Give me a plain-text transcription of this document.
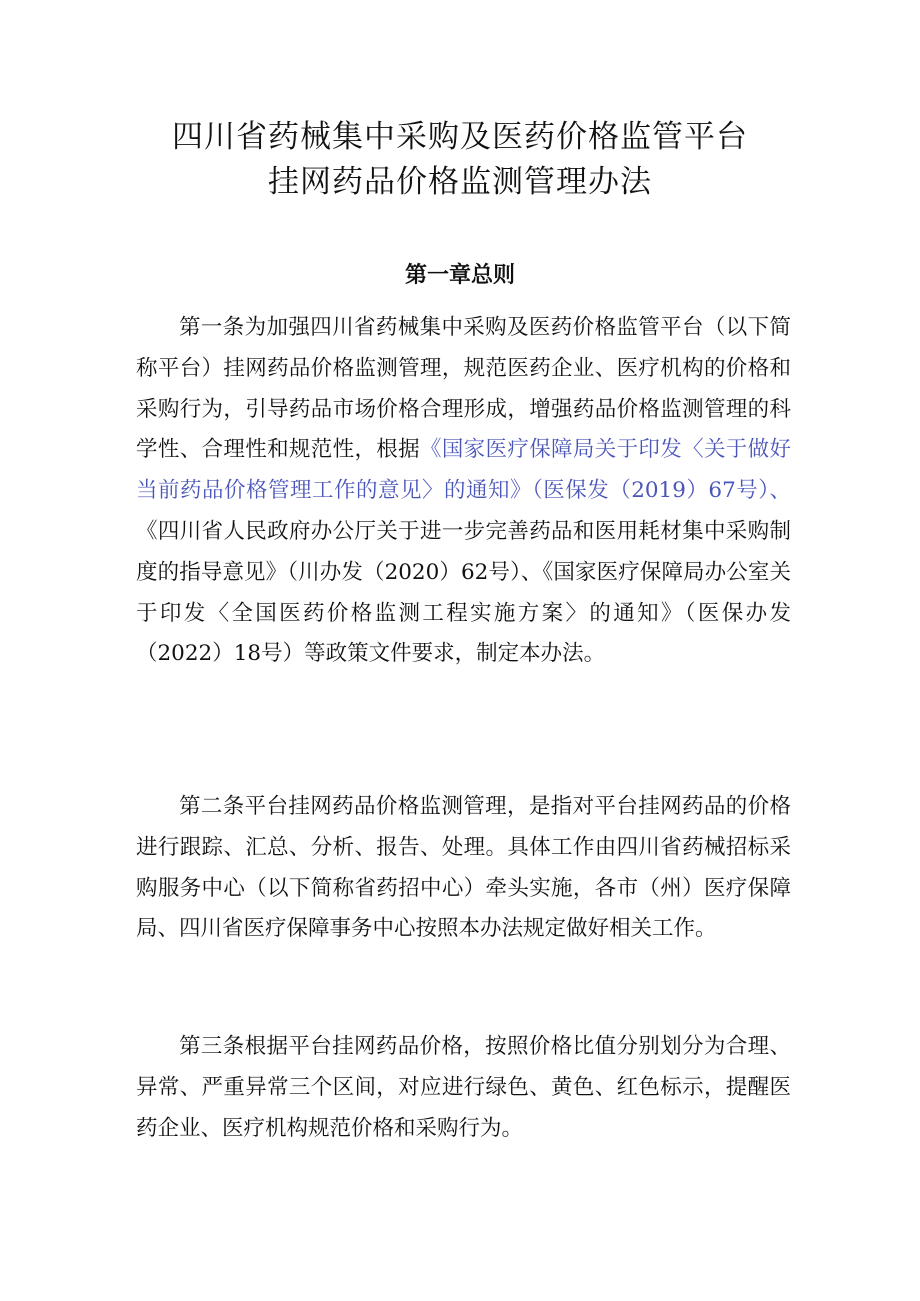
四川省药械集中采购及医药价格监管平台
挂网药品价格监测管理办法
第一章总则

第一条为加强四川省药械集中采购及医药价格监管平台（以下简称平台）挂网药品价格监测管理，规范医药企业、医疗机构的价格和采购行为，引导药品市场价格合理形成，增强药品价格监测管理的科学性、合理性和规范性，根据《国家医疗保障局关于印发〈关于做好当前药品价格管理工作的意见〉的通知》（医保发（2019）67号）、《四川省人民政府办公厅关于进一步完善药品和医用耗材集中采购制度的指导意见》（川办发（2020）62号）、《国家医疗保障局办公室关于印发〈全国医药价格监测工程实施方案〉的通知》（医保办发（2022）18号）等政策文件要求，制定本办法。

第二条平台挂网药品价格监测管理，是指对平台挂网药品的价格进行跟踪、汇总、分析、报告、处理。具体工作由四川省药械招标采购服务中心（以下简称省药招中心）牵头实施，各市（州）医疗保障局、四川省医疗保障事务中心按照本办法规定做好相关工作。

第三条根据平台挂网药品价格，按照价格比值分别划分为合理、异常、严重异常三个区间，对应进行绿色、黄色、红色标示，提醒医药企业、医疗机构规范价格和采购行为。
